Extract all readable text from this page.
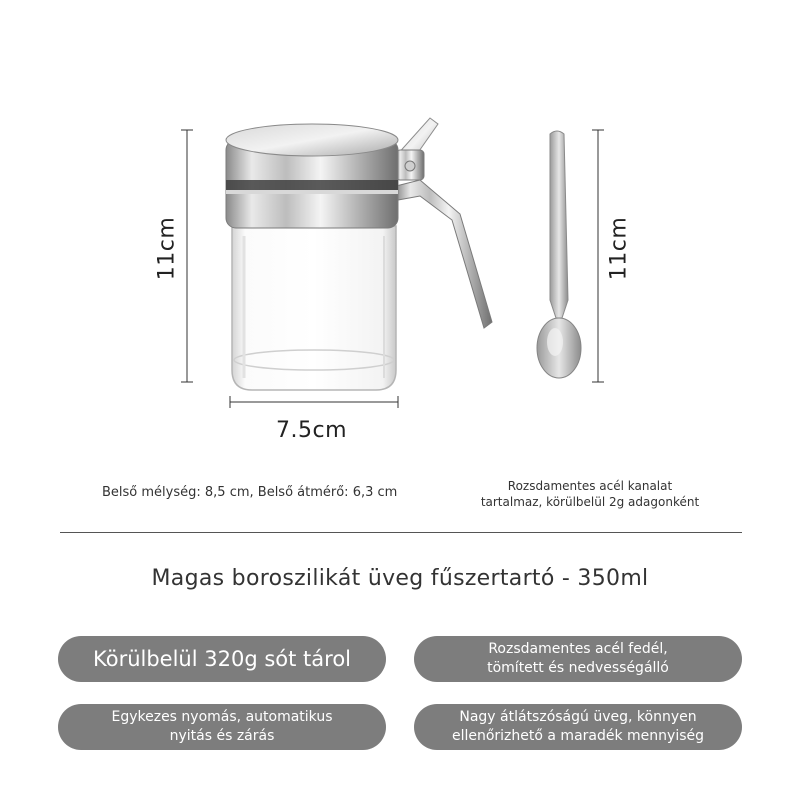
7.5cm
11cm	11cm
Belső mélység: 8,5 cm, Belső átmérő: 6,3 cm	Rozsdamentes acél kanalat
tartalmaz, körülbelül 2g adagonként
Magas boroszilikát üveg fűszertartó - 350ml
Körülbelül 320g sót tárol	Rozsdamentes acél fedél,
tömített és nedvességálló
Egykezes nyomás, automatikus
nyitás és zárás
Nagy átlátszóságú üveg, könnyen
ellenőrizhető a maradék mennyiség
